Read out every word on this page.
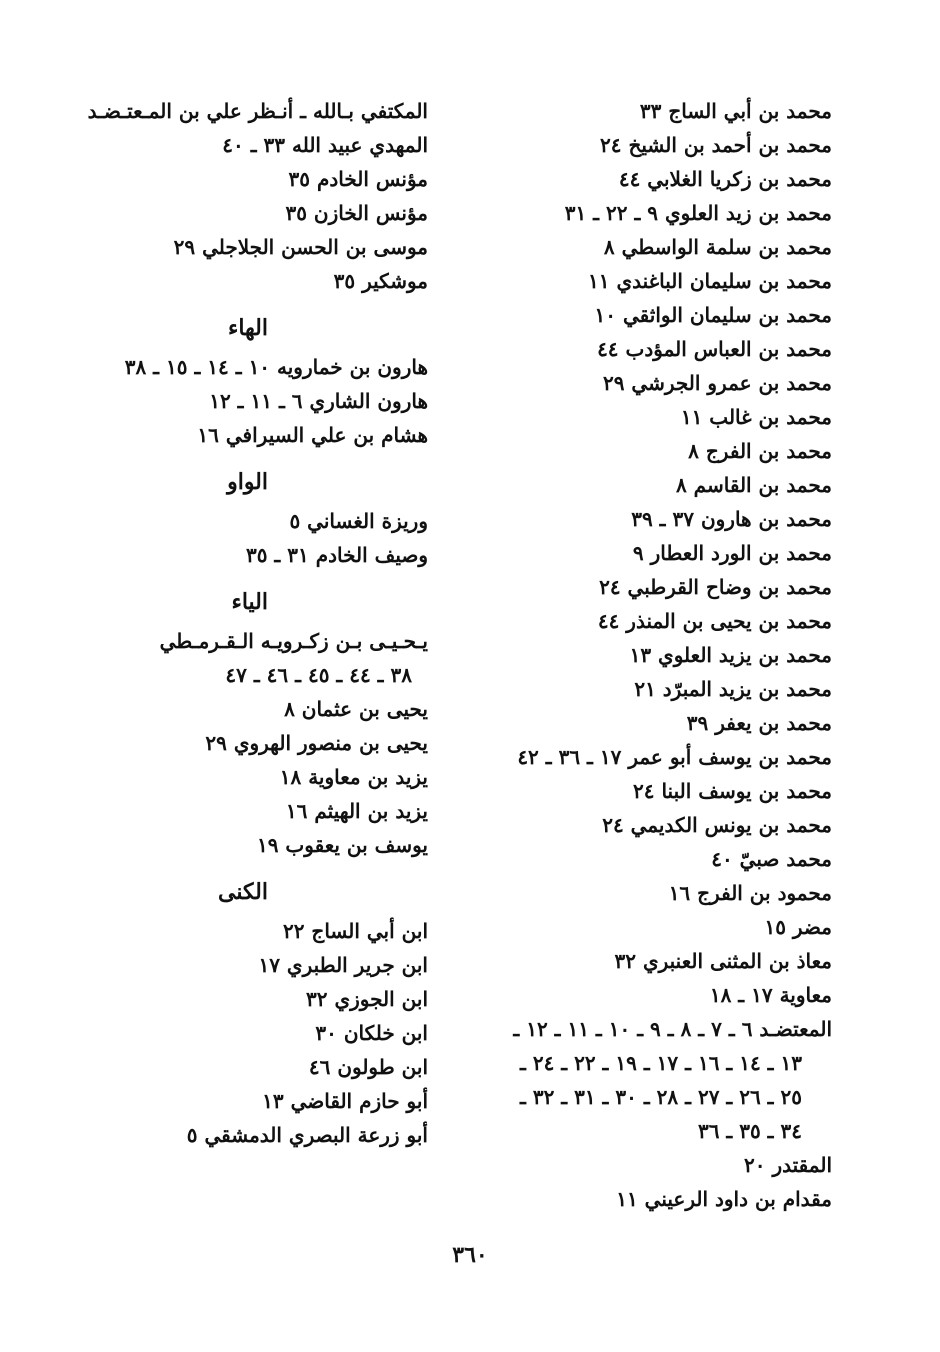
محمد بن أبي الساج ٣٣
محمد بن أحمد بن الشيخ ٢٤
محمد بن زكريا الغلابي ٤٤
محمد بن زيد العلوي ٩ ـ ٢٢ ـ ٣١
محمد بن سلمة الواسطي ٨
محمد بن سليمان الباغندي ١١
محمد بن سليمان الواثقي ١٠
محمد بن العباس المؤدب ٤٤
محمد بن عمرو الجرشي ٢٩
محمد بن غالب ١١
محمد بن الفرج ٨
محمد بن القاسم ٨
محمد بن هارون ٣٧ ـ ٣٩
محمد بن الورد العطار ٩
محمد بن وضاح القرطبي ٢٤
محمد بن يحيى بن المنذر ٤٤
محمد بن يزيد العلوي ١٣
محمد بن يزيد المبرّد ٢١
محمد بن يعفر ٣٩
محمد بن يوسف أبو عمر ١٧ ـ ٣٦ ـ ٤٢
محمد بن يوسف البنا ٢٤
محمد بن يونس الكديمي ٢٤
محمد صبيّ ٤٠
محمود بن الفرج ١٦
مضر ١٥
معاذ بن المثنى العنبري ٣٢
معاوية ١٧ ـ ١٨
المعتضـد ٦ ـ ٧ ـ ٨ ـ ٩ ـ ١٠ ـ ١١ ـ ١٢ ـ
١٣ ـ ١٤ ـ ١٦ ـ ١٧ ـ ١٩ ـ ٢٢ ـ ٢٤ ـ
٢٥ ـ ٢٦ ـ ٢٧ ـ ٢٨ ـ ٣٠ ـ ٣١ ـ ٣٢ ـ
٣٤ ـ ٣٥ ـ ٣٦
المقتدر ٢٠
مقدام بن داود الرعيني ١١
المكتفي بـالله ـ أنـظر علي بن المـعتـضـد
المهدي عبيد الله ٣٣ ـ ٤٠
مؤنس الخادم ٣٥
مؤنس الخازن ٣٥
موسى بن الحسن الجلاجلي ٢٩
موشكير ٣٥
الهاء
هارون بن خمارويه ١٠ ـ ١٤ ـ ١٥ ـ ٣٨
هارون الشاري ٦ ـ ١١ ـ ١٢
هشام بن علي السيرافي ١٦
الواو
وريزة الغساني ٥
وصيف الخادم ٣١ ـ ٣٥
الياء
يـحـيـى بـن زكـرويـه الـقـرمـطي
٣٨ ـ ٤٤ ـ ٤٥ ـ ٤٦ ـ ٤٧
يحيى بن عثمان ٨
يحيى بن منصور الهروي ٢٩
يزيد بن معاوية ١٨
يزيد بن الهيثم ١٦
يوسف بن يعقوب ١٩
الكنى
ابن أبي الساج ٢٢
ابن جرير الطبري ١٧
ابن الجوزي ٣٢
ابن خلكان ٣٠
ابن طولون ٤٦
أبو حازم القاضي ١٣
أبو زرعة البصري الدمشقي ٥
٣٦٠
